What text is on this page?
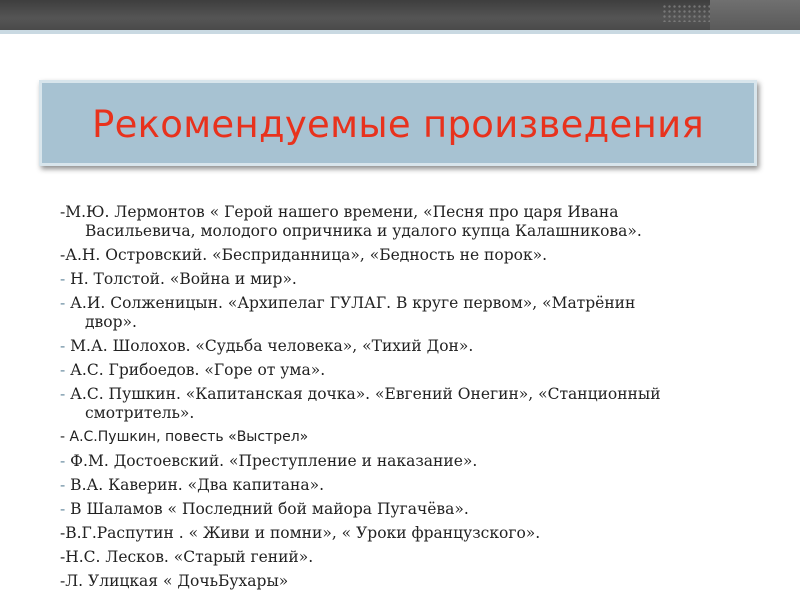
Рекомендуемые произведения
-М.Ю. Лермонтов « Герой нашего времени, «Песня про царя Ивана
Васильевича, молодого опричника и удалого купца Калашникова».
-А.Н. Островский. «Бесприданница», «Бедность не порок».
- Н. Толстой. «Война и мир».
- А.И. Солженицын. «Архипелаг ГУЛАГ. В круге первом», «Матрёнин
двор».
- М.А. Шолохов. «Судьба человека», «Тихий Дон».
- А.С. Грибоедов. «Горе от ума».
- А.С. Пушкин. «Капитанская дочка». «Евгений Онегин», «Станционный
смотритель».
- А.С.Пушкин, повесть «Выстрел»
- Ф.М. Достоевский. «Преступление и наказание».
- В.А. Каверин. «Два капитана».
- В Шаламов « Последний бой майора Пугачёва».
-В.Г.Распутин . « Живи и помни», « Уроки французского».
-Н.С. Лесков. «Старый гений».
-Л. Улицкая « ДочьБухары»
